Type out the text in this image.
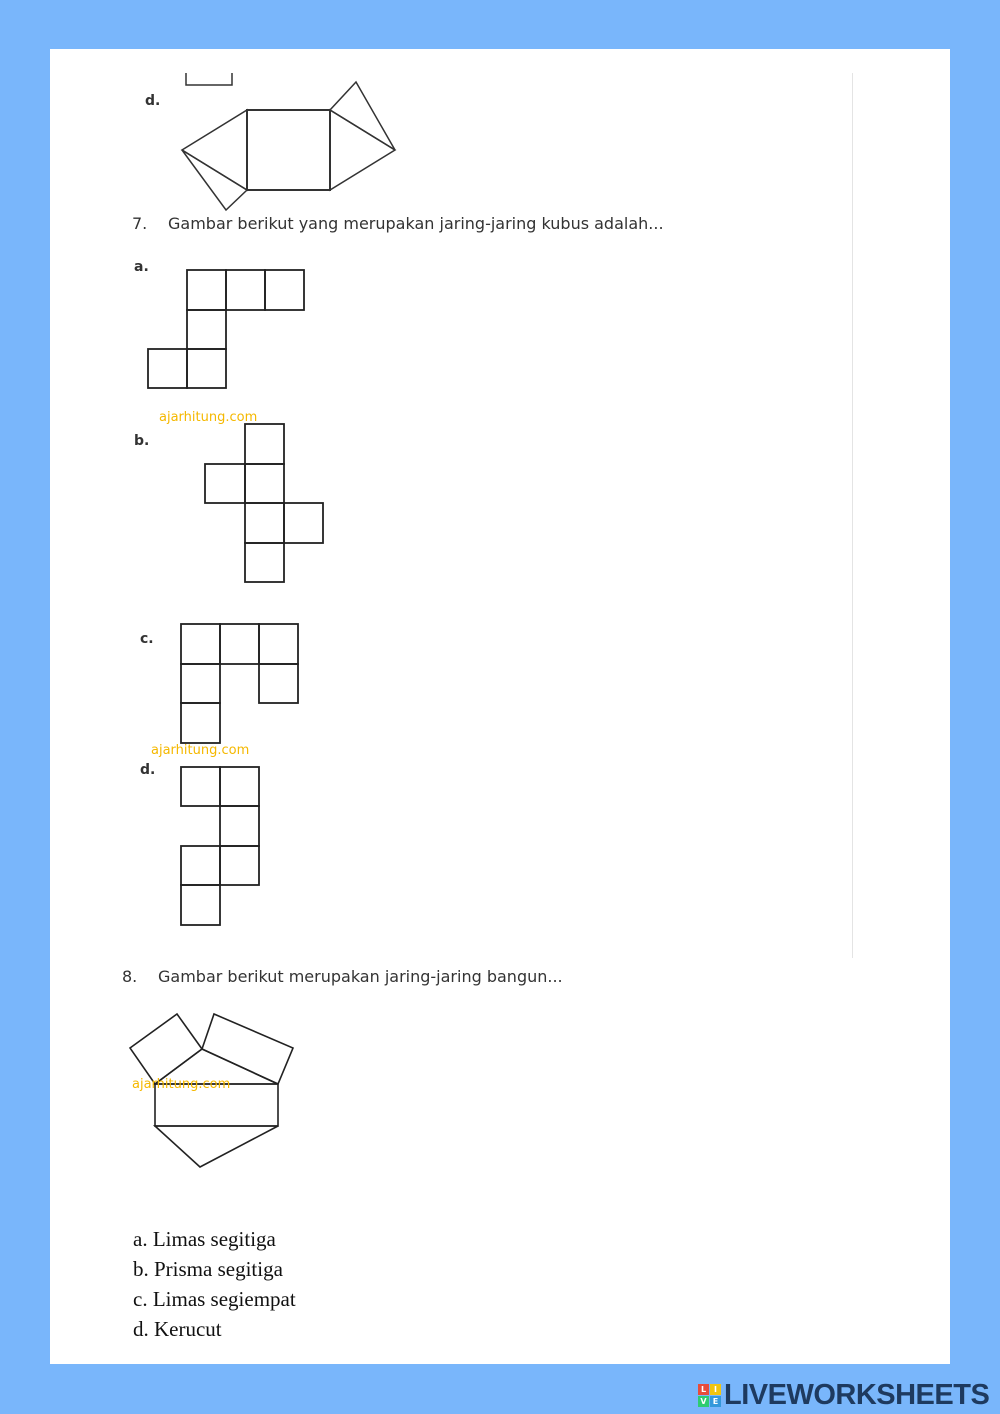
d.
7. Gambar berikut yang merupakan jaring-jaring kubus adalah...
a.
ajarhitung.com
b.
c.
ajarhitung.com
d.
8. Gambar berikut merupakan jaring-jaring bangun...
ajarhitung.com
a. Limas segitiga
b. Prisma segitiga
c. Limas segiempat
d. Kerucut
L I
V E LIVEWORKSHEETS
